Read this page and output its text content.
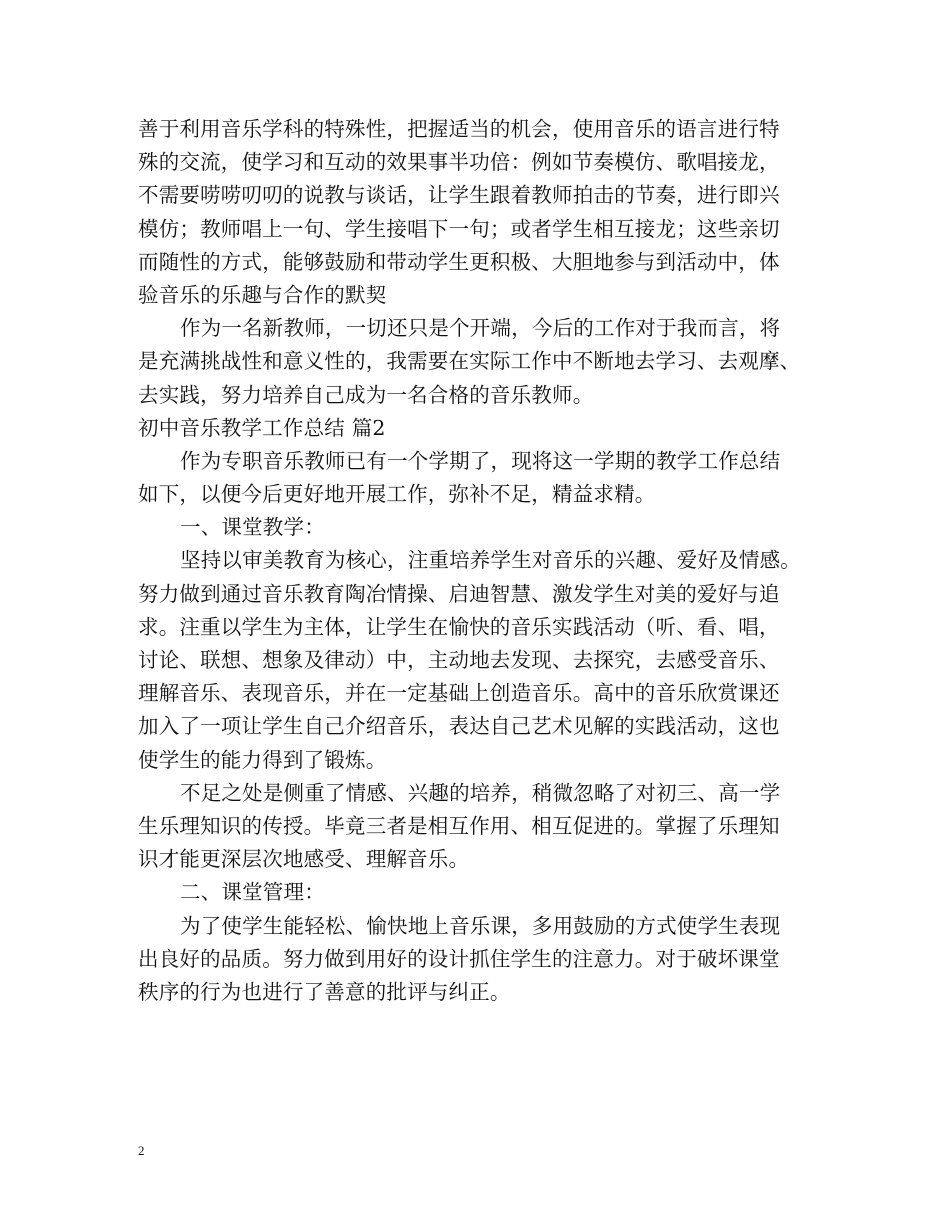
善于利用音乐学科的特殊性，把握适当的机会，使用音乐的语言进行特
殊的交流，使学习和互动的效果事半功倍：例如节奏模仿、歌唱接龙，
不需要唠唠叨叨的说教与谈话，让学生跟着教师拍击的节奏，进行即兴
模仿；教师唱上一句、学生接唱下一句；或者学生相互接龙；这些亲切
而随性的方式，能够鼓励和带动学生更积极、大胆地参与到活动中，体
验音乐的乐趣与合作的默契
作为一名新教师，一切还只是个开端，今后的工作对于我而言，将
是充满挑战性和意义性的，我需要在实际工作中不断地去学习、去观摩、
去实践，努力培养自己成为一名合格的音乐教师。
初中音乐教学工作总结 篇2
作为专职音乐教师已有一个学期了，现将这一学期的教学工作总结
如下，以便今后更好地开展工作，弥补不足，精益求精。
一、课堂教学：
坚持以审美教育为核心，注重培养学生对音乐的兴趣、爱好及情感。
努力做到通过音乐教育陶冶情操、启迪智慧、激发学生对美的爱好与追
求。注重以学生为主体，让学生在愉快的音乐实践活动（听、看、唱，
讨论、联想、想象及律动）中，主动地去发现、去探究，去感受音乐、
理解音乐、表现音乐，并在一定基础上创造音乐。高中的音乐欣赏课还
加入了一项让学生自己介绍音乐，表达自己艺术见解的实践活动，这也
使学生的能力得到了锻炼。
不足之处是侧重了情感、兴趣的培养，稍微忽略了对初三、高一学
生乐理知识的传授。毕竟三者是相互作用、相互促进的。掌握了乐理知
识才能更深层次地感受、理解音乐。
二、课堂管理：
为了使学生能轻松、愉快地上音乐课，多用鼓励的方式使学生表现
出良好的品质。努力做到用好的设计抓住学生的注意力。对于破坏课堂
秩序的行为也进行了善意的批评与纠正。
2
